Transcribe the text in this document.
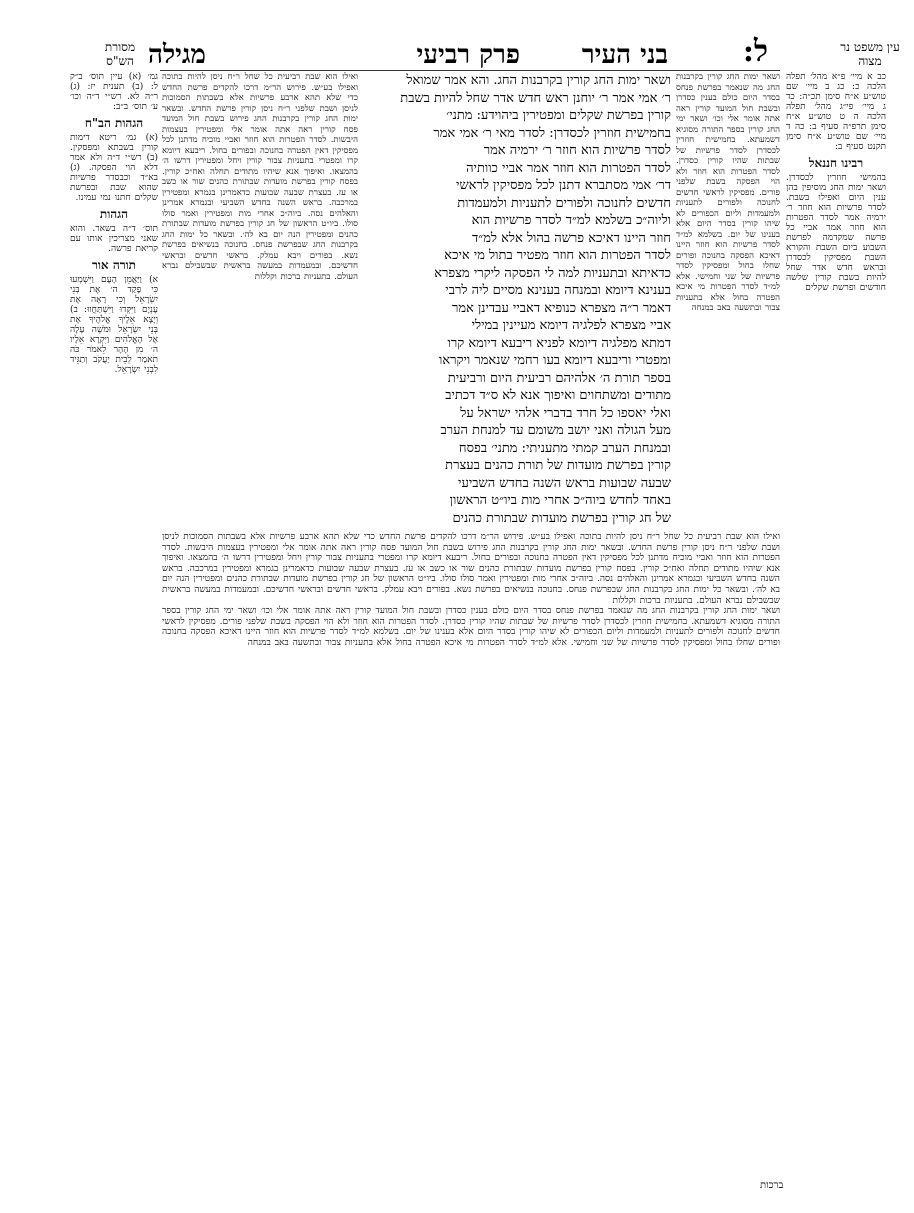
עין משפט נר מצוה
מסורת הש"ס	ל:
בני העיר
פרק רביעי
מגילה
כב א מיי׳ פ״א מהל׳ תפלה הלכה כ: כג ב מיי׳ שם טוש״ע א״ח סימן תכ״ה: כד ג מיי׳ פי״ג מהל׳ תפלה הלכה ה ט טוש״ע א״ח סימן תרפ״ה סעיף ב: כה ד מיי׳ שם טוש״ע א״ח סימן תקנט סעיף ב:
רבינו חננאל
בהמישי חוזרין לכסדרן. ושאר ימות החג מוסיפין בהן ענין היום ואפילו בשבת. לסדר פרשיות הוא חוזר ר׳ ירמיה אמר לסדר הפטרות הוא חוזר אמר אביי כל פרשה שמקדמה לפרשת השבוע ביום השבת והקורא השבת מפסיקין לכסדרן ובראש חדש אדר שחל להיות בשבת קורין שלשה חודשים ופרשת שקלים
גמ׳ (א) עיין תוס׳ ב״ק ל: (ב) תענית יז: (ג) ר״ה לא. רש״י ד״ה וכו׳ ע׳ תוס׳ ב״ב:
הגהות הב"ח
(א) גמ׳ ריטא דימות קורין בשבתא ומפסקין. (ב) רש״י ד״ה ולא אמר דלא הוי הפסקה. (ג) בא״ד וכבסדר פרשיות שהוא שבת ובפרשת שקלים חתנו נמי עמינו.
הגהות
תוס׳ ד״ה בשאר. והוא שאני מצריכין אותו עם קריאת פרשה.
תורה אור
א) וַיַּאֲמֵן הָעָם וַיִּשְׁמְעוּ כִּי פָקַד ה׳ אֶת בְּנֵי יִשְׂרָאֵל וְכִי רָאָה אֶת עָנְיָם וַיִּקְּדוּ וַיִּשְׁתַּחֲווּ: ב) וְיָצָא אֵלֶיךָ אֱלֹהֶיךָ אֶת בְּנֵי יִשְׂרָאֵל וּמֹשֶׁה עָלָה אֶל הָאֱלֹהִים וַיִּקְרָא אֵלָיו ה׳ מִן הָהָר לֵאמֹר כֹּה תֹאמַר לְבֵית יַעֲקֹב וְתַגֵּיד לִבְנֵי יִשְׂרָאֵל.
ושאר ימות החג קורין בקרבנות החג. והא אמר שמואל
ר׳ אמי אמר ר׳ יוחנן ראש חדש אדר שחל להיות בשבת
קורין בפרשת שקלים ומפטירין ביהוידע: מתני׳
בחמישית חוזרין לכסדרן: לסדר מאי ר׳ אמי אמר
לסדר פרשיות הוא חוזר ר׳ ירמיה אמר
לסדר הפטרות הוא חוזר אמר אביי כוותיה
דר׳ אמי מסתברא דתנן לכל מפסיקין לראשי
חדשים לחנוכה ולפורים לתעניות ולמעמדות
וליוה״כ בשלמא למ״ד לסדר פרשיות הוא
חוזר היינו דאיכא פרשה בהול אלא למ״ד
לסדר הפטרות הוא חוזר מפטיר בתול מי איכא
כדאיתא ובתעניות למה לי הפסקה ליקרי מצפרא
בענינא דיומא ובמנחה בענינא מסיים ליה לרבי
דאמר ר״ה מצפרא כנופיא דאביי עבדינן אמר
אביי מצפרא לפלגיה דיומא מעיינין במילי
דמתא מפלגיה דיומא לפניא ריבעא דיומא קרו
ומפטרי וריבעא דיומא בעו רחמי שנאמר ויקראו
בספר תורת ה׳ אלהיהם רביעית היום ורביעית
מתודים ומשתחוים ואיפוך אנא לא ס״ד דכתיב
ואלי יאספו כל חרד בדברי אלהי ישראל על
מעל הגולה ואני יושב משומם עד למנחת הערב
ובמנחת הערב קמתי מתעניתי: מתני׳ בפסח
קורין בפרשת מועדות של תורת כהנים בעצרת
שבעה שבועות בראש השנה בחדש השביעי
באחד לחדש ביוה״כ אחרי מות ביו״ט הראשון
של חג קורין בפרשת מועדות שבתורת כהנים
ושאר ימות החג קורין בקרבנות החג מה שנאמר בפרשת פנחס בסדר היום כולם בענין כסדרן ובשבת חול המועד קורין ראה אתה אומר אלי וכו׳ ושאר ימי החג קורין בספר התורה מסוגיא דשמעתא. בחמישית חוזרין לכסדרן לסדר פרשיות של שבתות שהיו קורין כסדרן. לסדר הפטרות הוא חוזר ולא הוי הפסקה בשבת שלפני פורים. מפסיקין לראשי חדשים לחנוכה ולפורים לתעניות ולמעמדות וליום הכפורים לא שיהו קורין בסדר היום אלא בענינו של יום. בשלמא למ״ד לסדר פרשיות הוא חוזר היינו דאיכא הפסקה בחנוכה ופורים שחלו בחול ומפסיקין לסדר פרשיות של שני וחמישי. אלא למ״ד לסדר הפטרות מי איכא הפטרה בחול אלא בתעניות צבור ובתשעה באב במנחה
ואילו הוא שבת רביעית כל שחל ר״ח ניסן להיות בתוכה ואפילו בע״ש. פירוש הר״מ דרכו להקדים פרשת החדש כדי שלא תהא ארבע פרשיות אלא בשבתות הסמוכות לניסן ושבת שלפני ר״ח ניסן קורין פרשת החדש. ובשאר ימות החג קורין בקרבנות החג פירוש בשבת חול המועד פסח קורין ראה אתה אומר אלי ומפטירין בעצמות היבשות. לסדר הפטרות הוא חוזר ואביי מוכיח מדתנן לכל מפסיקין דאין הפטרה בחנוכה ובפורים בחול. ריבעא דיומא קרו ומפטרי בתעניות צבור קורין ויחל ומפטירין דרשו ה׳ בהמצאו. ואיפוך אנא שיהיו מתודים תחלה ואח״כ קורין. בפסח קורין בפרשת מועדות שבתורת כהנים שור או כשב או עז. בעצרת שבעה שבועות כדאמרינן בגמרא ומפטירין במרכבה. בראש השנה בחדש השביעי ובגמרא אמרינן והאלהים נסה. ביוה״כ אחרי מות ומפטירין ואמר סולו סולו. ביו״ט הראשון של חג קורין בפרשת מועדות שבתורת כהנים ומפטירין הנה יום בא לה׳. ובשאר כל ימות החג בקרבנות החג שבפרשת פנחס. בחנוכה בנשיאים בפרשת נשא. בפורים ויבא עמלק. בראשי חדשים ובראשי חדשיכם. ובמעמדות במעשה בראשית שבשבילם נברא העולם. בתעניות ברכות וקללות
ואילו הוא שבת רביעית כל שחל ר״ח ניסן להיות בתוכה ואפילו בע״ש. פירוש הר״מ דרכו להקדים פרשת החדש כדי שלא תהא ארבע פרשיות אלא בשבתות הסמוכות לניסן ושבת שלפני ר״ח ניסן קורין פרשת החדש. ובשאר ימות החג קורין בקרבנות החג פירוש בשבת חול המועד פסח קורין ראה אתה אומר אלי ומפטירין בעצמות היבשות. לסדר הפטרות הוא חוזר ואביי מוכיח מדתנן לכל מפסיקין דאין הפטרה בחנוכה ובפורים בחול. ריבעא דיומא קרו ומפטרי בתעניות צבור קורין ויחל ומפטירין דרשו ה׳ בהמצאו. ואיפוך אנא שיהיו מתודים תחלה ואח״כ קורין. בפסח קורין בפרשת מועדות שבתורת כהנים שור או כשב או עז. בעצרת שבעה שבועות כדאמרינן בגמרא ומפטירין במרכבה. בראש השנה בחדש השביעי ובגמרא אמרינן והאלהים נסה. ביוה״כ אחרי מות ומפטירין ואמר סולו סולו. ביו״ט הראשון של חג קורין בפרשת מועדות שבתורת כהנים ומפטירין הנה יום בא לה׳. ובשאר כל ימות החג בקרבנות החג שבפרשת פנחס. בחנוכה בנשיאים בפרשת נשא. בפורים ויבא עמלק. בראשי חדשים ובראשי חדשיכם. ובמעמדות במעשה בראשית שבשבילם נברא העולם. בתעניות ברכות וקללות
ושאר ימות החג קורין בקרבנות החג מה שנאמר בפרשת פנחס בסדר היום כולם בענין כסדרן ובשבת חול המועד קורין ראה אתה אומר אלי וכו׳ ושאר ימי החג קורין בספר התורה מסוגיא דשמעתא. בחמישית חוזרין לכסדרן לסדר פרשיות של שבתות שהיו קורין כסדרן. לסדר הפטרות הוא חוזר ולא הוי הפסקה בשבת שלפני פורים. מפסיקין לראשי חדשים לחנוכה ולפורים לתעניות ולמעמדות וליום הכפורים לא שיהו קורין בסדר היום אלא בענינו של יום. בשלמא למ״ד לסדר פרשיות הוא חוזר היינו דאיכא הפסקה בחנוכה ופורים שחלו בחול ומפסיקין לסדר פרשיות של שני וחמישי. אלא למ״ד לסדר הפטרות מי איכא הפטרה בחול אלא בתעניות צבור ובתשעה באב במנחה
ברכות
